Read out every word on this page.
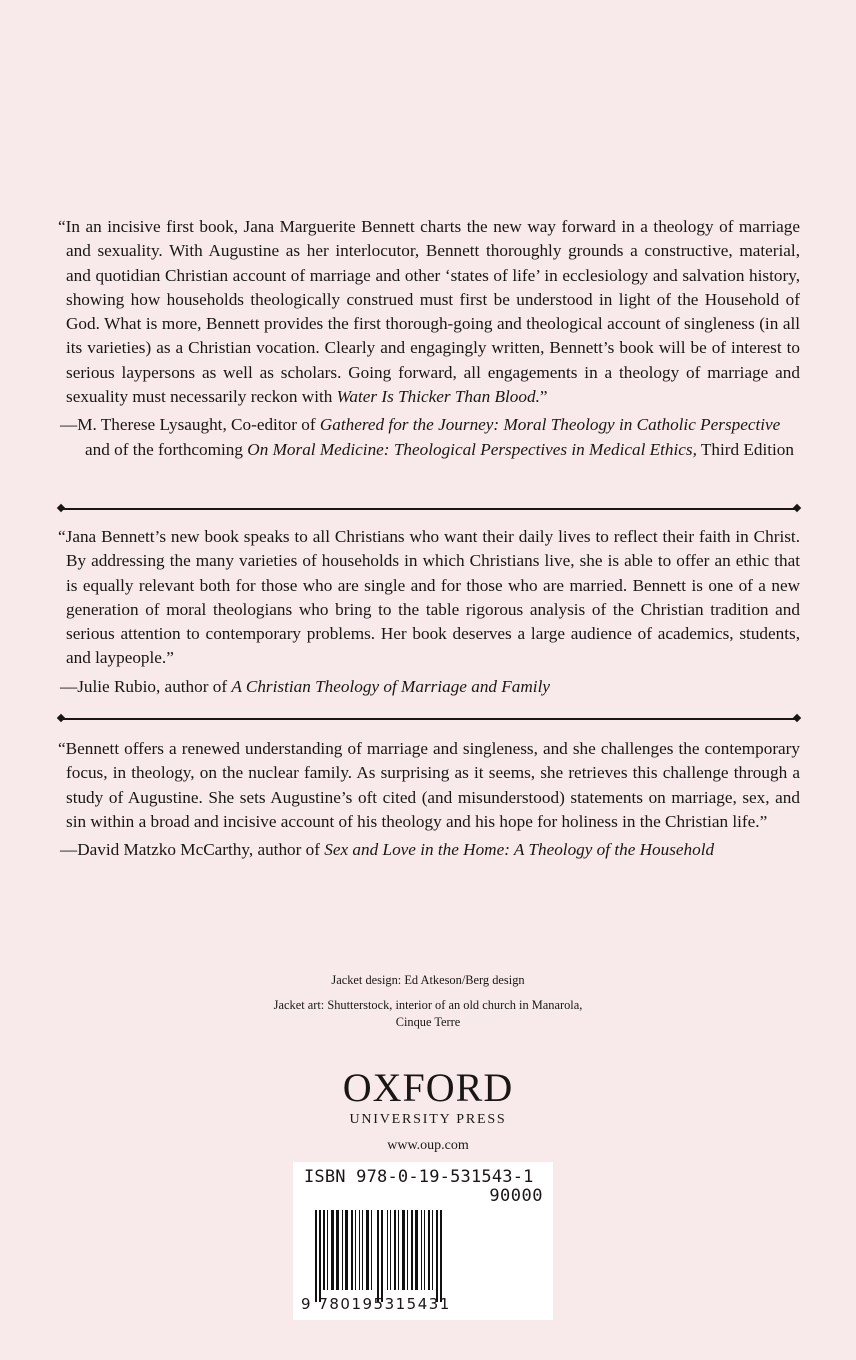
“In an incisive first book, Jana Marguerite Bennett charts the new way forward in a theology of marriage and sexuality. With Augustine as her interlocutor, Bennett thoroughly grounds a constructive, material, and quotidian Christian account of marriage and other ‘states of life’ in ecclesiology and salvation history, showing how households theologically construed must first be understood in light of the Household of God. What is more, Bennett provides the first thorough-going and theological account of singleness (in all its varieties) as a Christian vocation. Clearly and engagingly written, Bennett’s book will be of interest to serious laypersons as well as scholars. Going forward, all engagements in a theology of marriage and sexuality must necessarily reckon with Water Is Thicker Than Blood.”

—M. Therese Lysaught, Co-editor of Gathered for the Journey: Moral Theology in Catholic Perspective and of the forthcoming On Moral Medicine: Theological Perspectives in Medical Ethics, Third Edition

“Jana Bennett’s new book speaks to all Christians who want their daily lives to reflect their faith in Christ. By addressing the many varieties of households in which Christians live, she is able to offer an ethic that is equally relevant both for those who are single and for those who are married. Bennett is one of a new generation of moral theologians who bring to the table rigorous analysis of the Christian tradition and serious attention to contemporary problems. Her book deserves a large audience of academics, students, and laypeople.”

—Julie Rubio, author of A Christian Theology of Marriage and Family

“Bennett offers a renewed understanding of marriage and singleness, and she challenges the contemporary focus, in theology, on the nuclear family. As surprising as it seems, she retrieves this challenge through a study of Augustine. She sets Augustine’s oft cited (and misunderstood) statements on marriage, sex, and sin within a broad and incisive account of his theology and his hope for holiness in the Christian life.”

—David Matzko McCarthy, author of Sex and Love in the Home: A Theology of the Household

Jacket design: Ed Atkeson/Berg design
Jacket art: Shutterstock, interior of an old church in Manarola,
Cinque Terre
OXFORD
UNIVERSITY PRESS
www.oup.com
ISBN 978-0-19-531543-1
90000
9 780195315431
